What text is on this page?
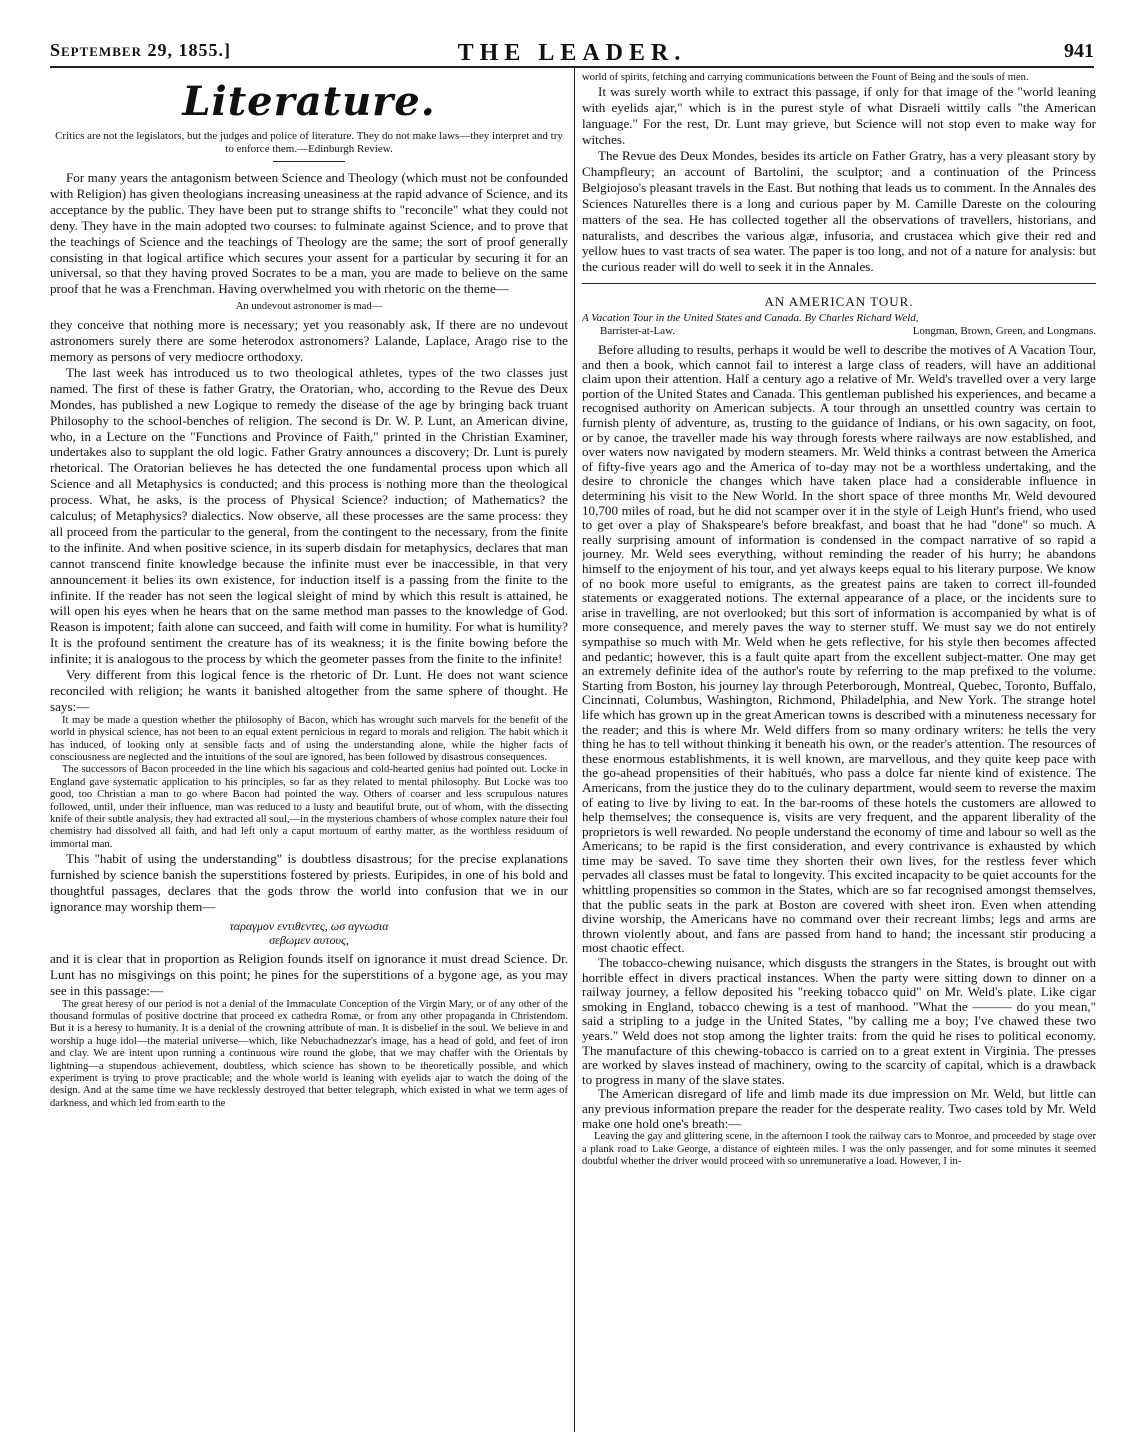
September 29, 1855.]	THE LEADER.	941
Literature.
Critics are not the legislators, but the judges and police of literature. They do not make laws—they interpret and try to enforce them.—Edinburgh Review.

For many years the antagonism between Science and Theology (which must not be confounded with Religion) has given theologians increasing uneasiness at the rapid advance of Science, and its acceptance by the public. They have been put to strange shifts to "reconcile" what they could not deny. They have in the main adopted two courses: to fulminate against Science, and to prove that the teachings of Science and the teachings of Theology are the same; the sort of proof generally consisting in that logical artifice which secures your assent for a particular by securing it for an universal, so that they having proved Socrates to be a man, you are made to believe on the same proof that he was a Frenchman. Having overwhelmed you with rhetoric on the theme—

An undevout astronomer is mad—

they conceive that nothing more is necessary; yet you reasonably ask, If there are no undevout astronomers surely there are some heterodox astronomers? Lalande, Laplace, Arago rise to the memory as persons of very mediocre orthodoxy.

The last week has introduced us to two theological athletes, types of the two classes just named. The first of these is father Gratry, the Oratorian, who, according to the Revue des Deux Mondes, has published a new Logique to remedy the disease of the age by bringing back truant Philosophy to the school-benches of religion. The second is Dr. W. P. Lunt, an American divine, who, in a Lecture on the "Functions and Province of Faith," printed in the Christian Examiner, undertakes also to supplant the old logic. Father Gratry announces a discovery; Dr. Lunt is purely rhetorical. The Oratorian believes he has detected the one fundamental process upon which all Science and all Metaphysics is conducted; and this process is nothing more than the theological process. What, he asks, is the process of Physical Science? induction; of Mathematics? the calculus; of Metaphysics? dialectics. Now observe, all these processes are the same process: they all proceed from the particular to the general, from the contingent to the necessary, from the finite to the infinite. And when positive science, in its superb disdain for metaphysics, declares that man cannot transcend finite knowledge because the infinite must ever be inaccessible, in that very announcement it belies its own existence, for induction itself is a passing from the finite to the infinite. If the reader has not seen the logical sleight of mind by which this result is attained, he will open his eyes when he hears that on the same method man passes to the knowledge of God. Reason is impotent; faith alone can succeed, and faith will come in humility. For what is humility? It is the profound sentiment the creature has of its weakness; it is the finite bowing before the infinite; it is analogous to the process by which the geometer passes from the finite to the infinite!

Very different from this logical fence is the rhetoric of Dr. Lunt. He does not want science reconciled with religion; he wants it banished altogether from the same sphere of thought. He says:—

It may be made a question whether the philosophy of Bacon, which has wrought such marvels for the benefit of the world in physical science, has not been to an equal extent pernicious in regard to morals and religion. The habit which it has induced, of looking only at sensible facts and of using the understanding alone, while the higher facts of consciousness are neglected and the intuitions of the soul are ignored, has been followed by disastrous consequences.

The successors of Bacon proceeded in the line which his sagacious and cold-hearted genius had pointed out. Locke in England gave systematic application to his principles, so far as they related to mental philosophy. But Locke was too good, too Christian a man to go where Bacon had pointed the way. Others of coarser and less scrupulous natures followed, until, under their influence, man was reduced to a lusty and beautiful brute, out of whom, with the dissecting knife of their subtle analysis, they had extracted all soul,—in the mysterious chambers of whose complex nature their foul chemistry had dissolved all faith, and had left only a caput mortuum of earthy matter, as the worthless residuum of immortal man.

This "habit of using the understanding" is doubtless disastrous; for the precise explanations furnished by science banish the superstitions fostered by priests. Euripides, in one of his bold and thoughtful passages, declares that the gods throw the world into confusion that we in our ignorance may worship them—

ταραγμον εντιθεντες, ωσ αγνωσια
σεβωμεν αυτους,

and it is clear that in proportion as Religion founds itself on ignorance it must dread Science. Dr. Lunt has no misgivings on this point; he pines for the superstitions of a bygone age, as you may see in this passage:—

The great heresy of our period is not a denial of the Immaculate Conception of the Virgin Mary, or of any other of the thousand formulas of positive doctrine that proceed ex cathedra Romæ, or from any other propaganda in Christendom. But it is a heresy to humanity. It is a denial of the crowning attribute of man. It is disbelief in the soul. We believe in and worship a huge idol—the material universe—which, like Nebuchadnezzar's image, has a head of gold, and feet of iron and clay. We are intent upon running a continuous wire round the globe, that we may chaffer with the Orientals by lightning—a stupendous achievement, doubtless, which science has shown to be theoretically possible, and which experiment is trying to prove practicable; and the whole world is leaning with eyelids ajar to watch the doing of the design. And at the same time we have recklessly destroyed that better telegraph, which existed in what we term ages of darkness, and which led from earth to the

world of spirits, fetching and carrying communications between the Fount of Being and the souls of men.

It was surely worth while to extract this passage, if only for that image of the "world leaning with eyelids ajar," which is in the purest style of what Disraeli wittily calls "the American language." For the rest, Dr. Lunt may grieve, but Science will not stop even to make way for witches.

The Revue des Deux Mondes, besides its article on Father Gratry, has a very pleasant story by Champfleury; an account of Bartolini, the sculptor; and a continuation of the Princess Belgiojoso's pleasant travels in the East. But nothing that leads us to comment. In the Annales des Sciences Naturelles there is a long and curious paper by M. Camille Dareste on the colouring matters of the sea. He has collected together all the observations of travellers, historians, and naturalists, and describes the various algæ, infusoria, and crustacea which give their red and yellow hues to vast tracts of sea water. The paper is too long, and not of a nature for analysis: but the curious reader will do well to seek it in the Annales.

AN AMERICAN TOUR.
A Vacation Tour in the United States and Canada. By Charles Richard Weld,
Barrister-at-Law.	Longman, Brown, Green, and Longmans.

Before alluding to results, perhaps it would be well to describe the motives of A Vacation Tour, and then a book, which cannot fail to interest a large class of readers, will have an additional claim upon their attention. Half a century ago a relative of Mr. Weld's travelled over a very large portion of the United States and Canada. This gentleman published his experiences, and became a recognised authority on American subjects. A tour through an unsettled country was certain to furnish plenty of adventure, as, trusting to the guidance of Indians, or his own sagacity, on foot, or by canoe, the traveller made his way through forests where railways are now established, and over waters now navigated by modern steamers. Mr. Weld thinks a contrast between the America of fifty-five years ago and the America of to-day may not be a worthless undertaking, and the desire to chronicle the changes which have taken place had a considerable influence in determining his visit to the New World. In the short space of three months Mr. Weld devoured 10,700 miles of road, but he did not scamper over it in the style of Leigh Hunt's friend, who used to get over a play of Shakspeare's before breakfast, and boast that he had "done" so much. A really surprising amount of information is condensed in the compact narrative of so rapid a journey. Mr. Weld sees everything, without reminding the reader of his hurry; he abandons himself to the enjoyment of his tour, and yet always keeps equal to his literary purpose. We know of no book more useful to emigrants, as the greatest pains are taken to correct ill-founded statements or exaggerated notions. The external appearance of a place, or the incidents sure to arise in travelling, are not overlooked; but this sort of information is accompanied by what is of more consequence, and merely paves the way to sterner stuff. We must say we do not entirely sympathise so much with Mr. Weld when he gets reflective, for his style then becomes affected and pedantic; however, this is a fault quite apart from the excellent subject-matter. One may get an extremely definite idea of the author's route by referring to the map prefixed to the volume. Starting from Boston, his journey lay through Peterborough, Montreal, Quebec, Toronto, Buffalo, Cincinnati, Columbus, Washington, Richmond, Philadelphia, and New York. The strange hotel life which has grown up in the great American towns is described with a minuteness necessary for the reader; and this is where Mr. Weld differs from so many ordinary writers: he tells the very thing he has to tell without thinking it beneath his own, or the reader's attention. The resources of these enormous establishments, it is well known, are marvellous, and they quite keep pace with the go-ahead propensities of their habitués, who pass a dolce far niente kind of existence. The Americans, from the justice they do to the culinary department, would seem to reverse the maxim of eating to live by living to eat. In the bar-rooms of these hotels the customers are allowed to help themselves; the consequence is, visits are very frequent, and the apparent liberality of the proprietors is well rewarded. No people understand the economy of time and labour so well as the Americans; to be rapid is the first consideration, and every contrivance is exhausted by which time may be saved. To save time they shorten their own lives, for the restless fever which pervades all classes must be fatal to longevity. This excited incapacity to be quiet accounts for the whittling propensities so common in the States, which are so far recognised amongst themselves, that the public seats in the park at Boston are covered with sheet iron. Even when attending divine worship, the Americans have no command over their recreant limbs; legs and arms are thrown violently about, and fans are passed from hand to hand; the incessant stir producing a most chaotic effect.

The tobacco-chewing nuisance, which disgusts the strangers in the States, is brought out with horrible effect in divers practical instances. When the party were sitting down to dinner on a railway journey, a fellow deposited his "reeking tobacco quid" on Mr. Weld's plate. Like cigar smoking in England, tobacco chewing is a test of manhood. "What the ——— do you mean," said a stripling to a judge in the United States, "by calling me a boy; I've chawed these two years." Weld does not stop among the lighter traits: from the quid he rises to political economy. The manufacture of this chewing-tobacco is carried on to a great extent in Virginia. The presses are worked by slaves instead of machinery, owing to the scarcity of capital, which is a drawback to progress in many of the slave states.

The American disregard of life and limb made its due impression on Mr. Weld, but little can any previous information prepare the reader for the desperate reality. Two cases told by Mr. Weld make one hold one's breath:—

Leaving the gay and glittering scene, in the afternoon I took the railway cars to Monroe, and proceeded by stage over a plank road to Lake George, a distance of eighteen miles. I was the only passenger, and for some minutes it seemed doubtful whether the driver would proceed with so unremunerative a load. However, I in-
